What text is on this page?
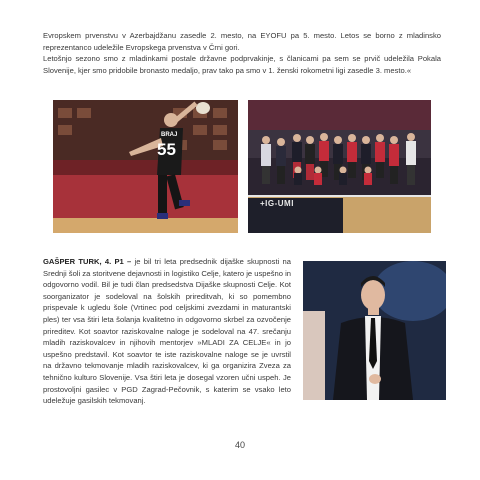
Evropskem prvenstvu v Azerbajdžanu zasedle 2. mesto, na EYOFU pa 5. mesto. Letos se borno z mladinsko reprezentanco udeležile Evropskega prvenstva v Črni gori.

Letošnjo sezono smo z mladinkami postale državne podprvakinje, s članicami pa sem se prvič udeležila Pokala Slovenije, kjer smo pridobile bronasto medaljo, prav tako pa smo v 1. ženski rokometni ligi zasedle 3. mesto.«

BRAJ
55
+IG-UMI

GAŠPER TURK, 4. P1 – je bil tri leta predsednik dijaške skupnosti na Srednji šoli za storitvene dejavnosti in logistiko Celje, katero je uspešno in odgovorno vodil. Bil je tudi član predsedstva Dijaške skupnosti Celje. Kot soorganizator je sodeloval na šolskih prireditvah, ki so pomembno prispevale k ugledu šole (Vrtinec pod celjskimi zvezdami in maturantski ples) ter vsa štiri leta šolanja kvalitetno in odgovorno skrbel za ozvočenje prireditev. Kot soavtor raziskovalne naloge je sodeloval na 47. srečanju mladih raziskovalcev in njihovih mentorjev »MLADI ZA CELJE« in jo uspešno predstavil. Kot soavtor te iste raziskovalne naloge se je uvrstil na državno tekmovanje mladih raziskovalcev, ki ga organizira Zveza za tehnično kulturo Slovenije. Vsa štiri leta je dosegal vzoren učni uspeh. Je prostovoljni gasilec v PGD Zagrad-Pečovnik, s katerim se vsako leto udeležuje gasilskih tekmovanj.

40
